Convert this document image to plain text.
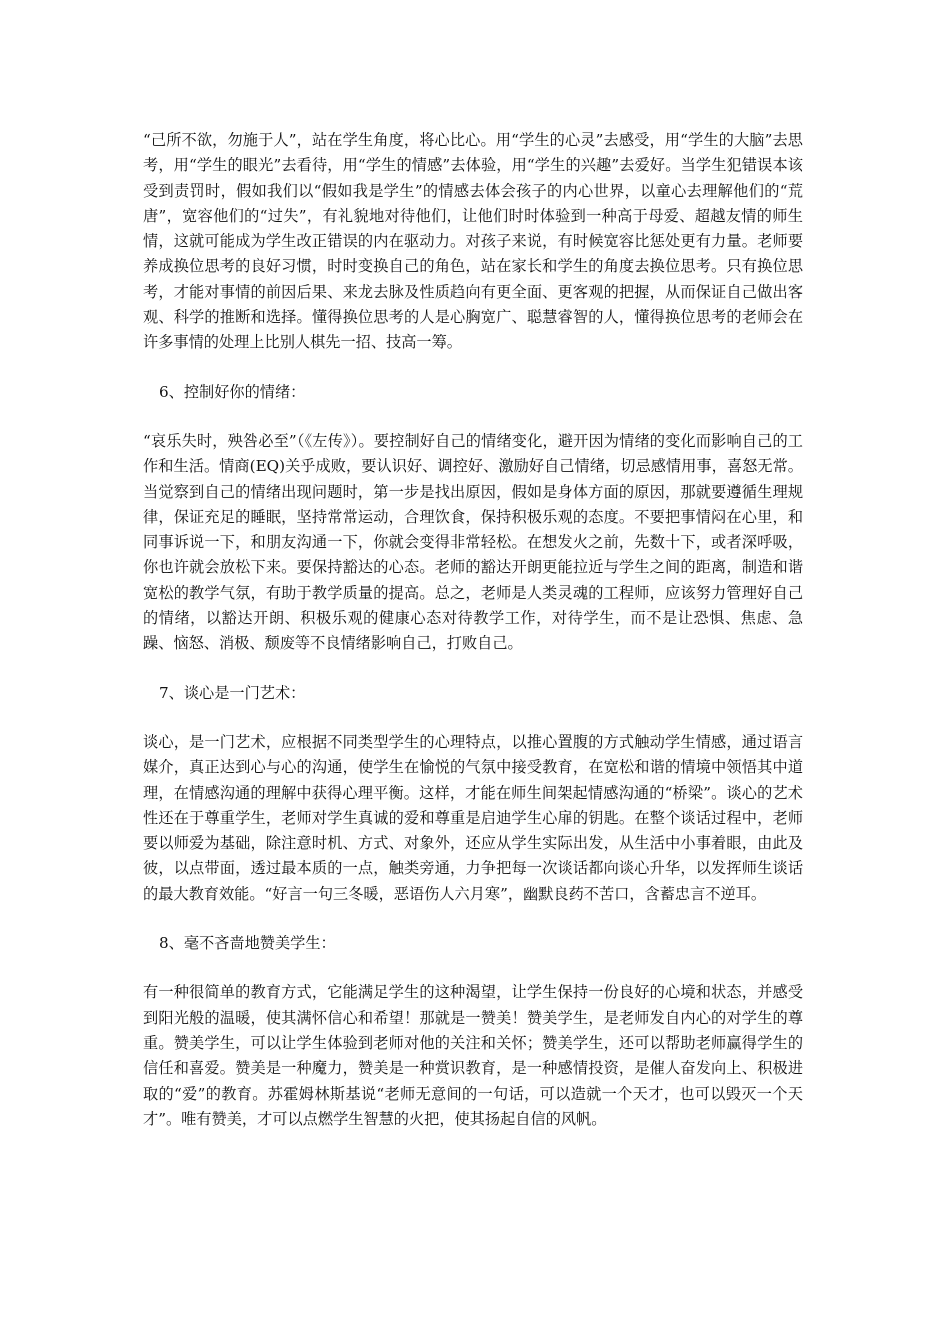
“己所不欲，勿施于人”，站在学生角度，将心比心。用“学生的心灵”去感受，用“学生的大脑”去思考，用“学生的眼光”去看待，用“学生的情感”去体验，用“学生的兴趣”去爱好。当学生犯错误本该受到责罚时，假如我们以“假如我是学生”的情感去体会孩子的内心世界，以童心去理解他们的“荒唐”，宽容他们的“过失”，有礼貌地对待他们，让他们时时体验到一种高于母爱、超越友情的师生情，这就可能成为学生改正错误的内在驱动力。对孩子来说，有时候宽容比惩处更有力量。老师要养成换位思考的良好习惯，时时变换自己的角色，站在家长和学生的角度去换位思考。只有换位思考，才能对事情的前因后果、来龙去脉及性质趋向有更全面、更客观的把握，从而保证自己做出客观、科学的推断和选择。懂得换位思考的人是心胸宽广、聪慧睿智的人，懂得换位思考的老师会在许多事情的处理上比别人棋先一招、技高一筹。

6、控制好你的情绪：

“哀乐失时，殃咎必至”（《左传》）。要控制好自己的情绪变化，避开因为情绪的变化而影响自己的工作和生活。情商(EQ)关乎成败，要认识好、调控好、激励好自己情绪，切忌感情用事，喜怒无常。当觉察到自己的情绪出现问题时，第一步是找出原因，假如是身体方面的原因，那就要遵循生理规律，保证充足的睡眠，坚持常常运动，合理饮食，保持积极乐观的态度。不要把事情闷在心里，和同事诉说一下，和朋友沟通一下，你就会变得非常轻松。在想发火之前，先数十下，或者深呼吸，你也许就会放松下来。要保持豁达的心态。老师的豁达开朗更能拉近与学生之间的距离，制造和谐宽松的教学气氛，有助于教学质量的提高。总之，老师是人类灵魂的工程师，应该努力管理好自己的情绪，以豁达开朗、积极乐观的健康心态对待教学工作，对待学生，而不是让恐惧、焦虑、急躁、恼怒、消极、颓废等不良情绪影响自己，打败自己。

7、谈心是一门艺术：

谈心，是一门艺术，应根据不同类型学生的心理特点，以推心置腹的方式触动学生情感，通过语言媒介，真正达到心与心的沟通，使学生在愉悦的气氛中接受教育，在宽松和谐的情境中领悟其中道理，在情感沟通的理解中获得心理平衡。这样，才能在师生间架起情感沟通的“桥梁”。谈心的艺术性还在于尊重学生，老师对学生真诚的爱和尊重是启迪学生心扉的钥匙。在整个谈话过程中，老师要以师爱为基础，除注意时机、方式、对象外，还应从学生实际出发，从生活中小事着眼，由此及彼，以点带面，透过最本质的一点，触类旁通，力争把每一次谈话都向谈心升华，以发挥师生谈话的最大教育效能。“好言一句三冬暖，恶语伤人六月寒”，幽默良药不苦口，含蓄忠言不逆耳。

8、毫不吝啬地赞美学生：

有一种很简单的教育方式，它能满足学生的这种渴望，让学生保持一份良好的心境和状态，并感受到阳光般的温暖，使其满怀信心和希望！那就是一赞美！赞美学生，是老师发自内心的对学生的尊重。赞美学生，可以让学生体验到老师对他的关注和关怀；赞美学生，还可以帮助老师赢得学生的信任和喜爱。赞美是一种魔力，赞美是一种赏识教育，是一种感情投资，是催人奋发向上、积极进取的“爱”的教育。苏霍姆林斯基说“老师无意间的一句话，可以造就一个天才，也可以毁灭一个天才”。唯有赞美，才可以点燃学生智慧的火把，使其扬起自信的风帆。
